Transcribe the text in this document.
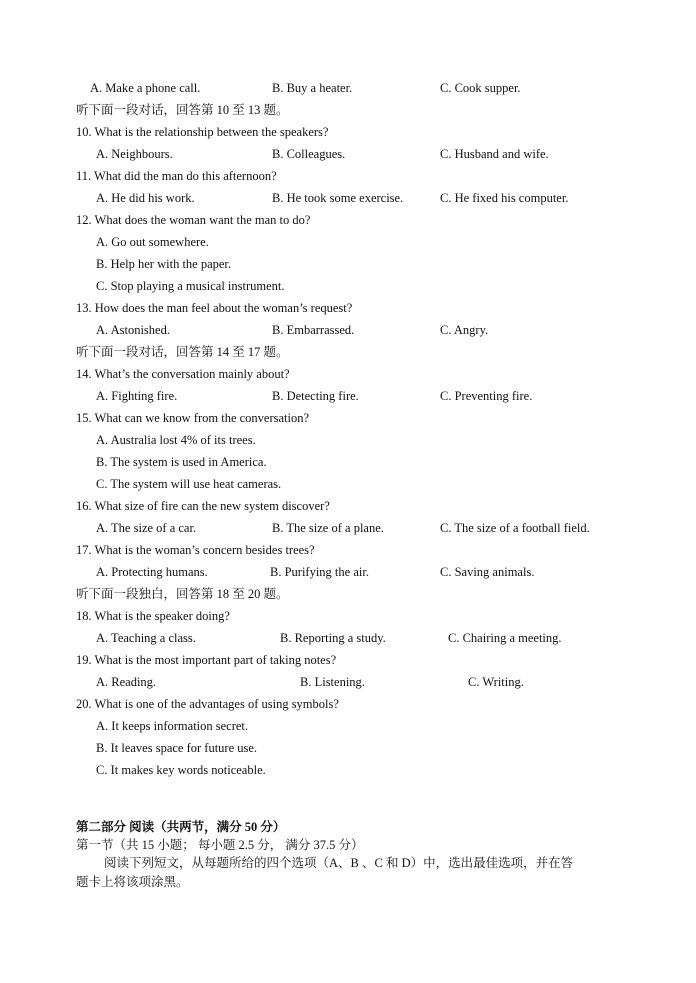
A. Make a phone call.	B. Buy a heater.	C. Cook supper.
听下面一段对话，回答第 10 至 13 题。
10. What is the relationship between the speakers?
A. Neighbours.	B. Colleagues.	C. Husband and wife.
11. What did the man do this afternoon?
A. He did his work.	B. He took some exercise.	C. He fixed his computer.
12. What does the woman want the man to do?
A. Go out somewhere.
B. Help her with the paper.
C. Stop playing a musical instrument.
13. How does the man feel about the woman’s request?
A. Astonished.	B. Embarrassed.	C. Angry.
听下面一段对话，回答第 14 至 17 题。
14. What’s the conversation mainly about?
A. Fighting fire.	B. Detecting fire.	C. Preventing fire.
15. What can we know from the conversation?
A. Australia lost 4% of its trees.
B. The system is used in America.
C. The system will use heat cameras.
16. What size of fire can the new system discover?
A. The size of a car.	B. The size of a plane.	C. The size of a football field.
17. What is the woman’s concern besides trees?
A. Protecting humans.	B. Purifying the air.	C. Saving animals.
听下面一段独白，回答第 18 至 20 题。
18. What is the speaker doing?
A. Teaching a class.	B. Reporting a study.	C. Chairing a meeting.
19. What is the most important part of taking notes?
A. Reading.	B. Listening.	C. Writing.
20. What is one of the advantages of using symbols?
A. It keeps information secret.
B. It leaves space for future use.
C. It makes key words noticeable.
第二部分 阅读（共两节，满分 50 分）
第一节（共 15 小题； 每小题 2.5 分， 满分 37.5 分）
阅读下列短文，从每题所给的四个选项（A、B 、C 和 D）中，选出最佳选项，并在答
题卡上将该项涂黑。
